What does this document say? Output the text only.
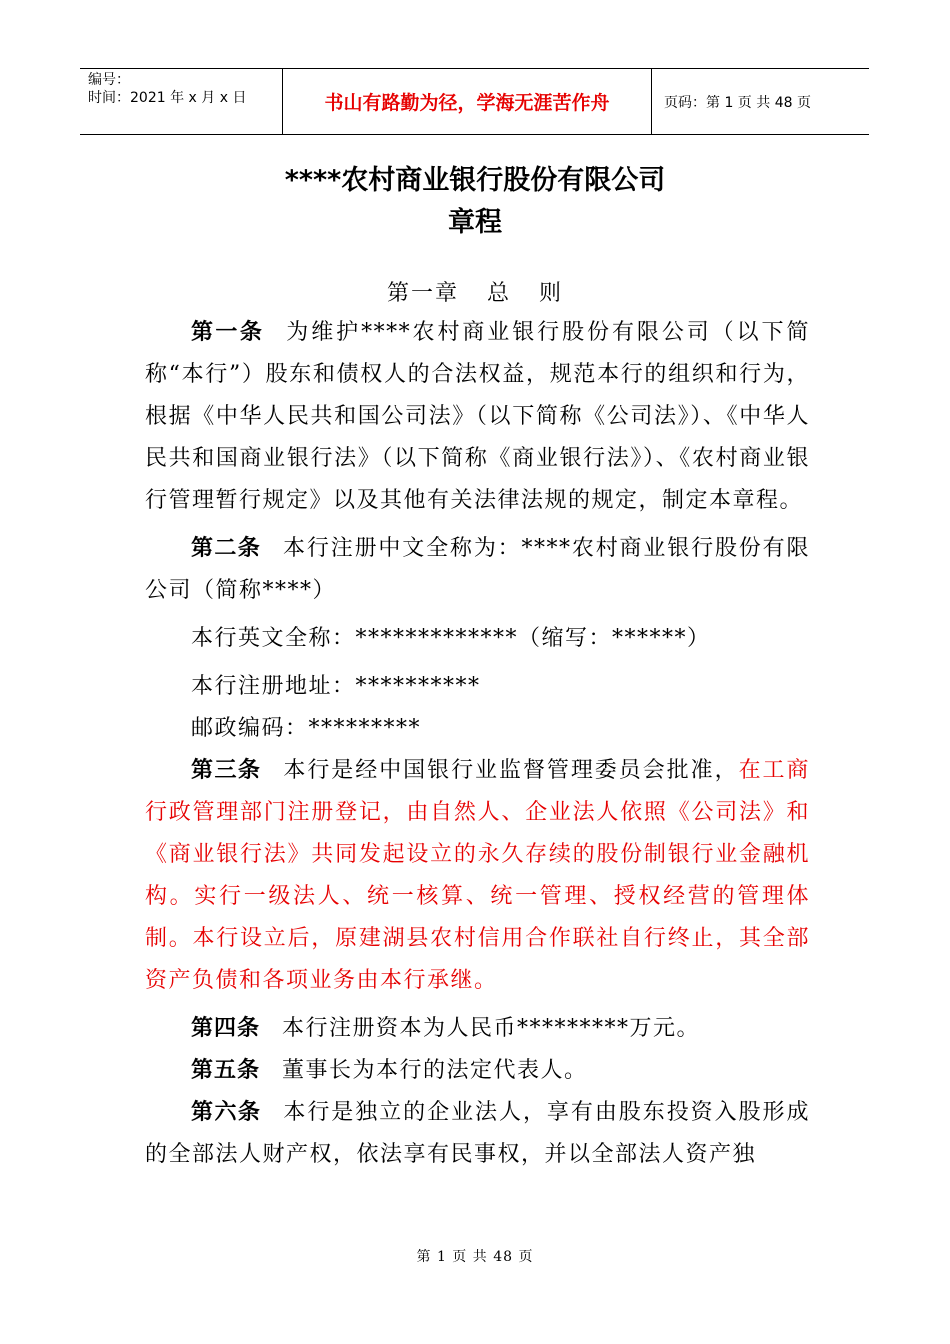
编号：
时间：2021 年 x 月 x 日	书山有路勤为径，学海无涯苦作舟	页码：第 1 页 共 48 页
****农村商业银行股份有限公司
章程
第一章 总 则

第一条 为维护****农村商业银行股份有限公司（以下简称“本行”）股东和债权人的合法权益，规范本行的组织和行为，根据《中华人民共和国公司法》（以下简称《公司法》）、《中华人民共和国商业银行法》（以下简称《商业银行法》）、《农村商业银行管理暂行规定》以及其他有关法律法规的规定，制定本章程。

第二条 本行注册中文全称为：****农村商业银行股份有限公司（简称****）

本行英文全称：*************（缩写：******）

本行注册地址：**********

邮政编码：*********

第三条 本行是经中国银行业监督管理委员会批准，在工商行政管理部门注册登记，由自然人、企业法人依照《公司法》和《商业银行法》共同发起设立的永久存续的股份制银行业金融机构。实行一级法人、统一核算、统一管理、授权经营的管理体制。本行设立后，原建湖县农村信用合作联社自行终止，其全部资产负债和各项业务由本行承继。

第四条 本行注册资本为人民币*********万元。

第五条 董事长为本行的法定代表人。

第六条 本行是独立的企业法人，享有由股东投资入股形成的全部法人财产权，依法享有民事权，并以全部法人资产独

第 1 页 共 48 页
